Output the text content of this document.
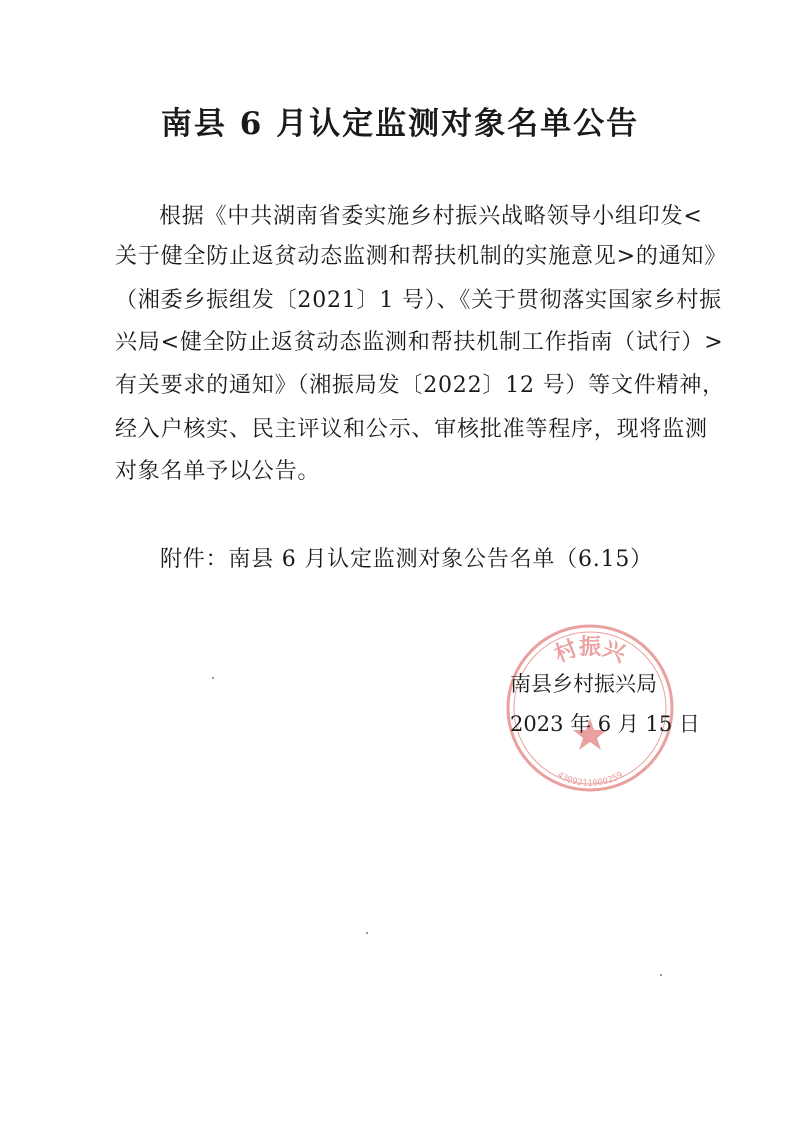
南县 6 月认定监测对象名单公告
根据《中共湖南省委实施乡村振兴战略领导小组印发<
关于健全防止返贫动态监测和帮扶机制的实施意见>的通知》
（湘委乡振组发〔2021〕1 号）、《关于贯彻落实国家乡村振
兴局<健全防止返贫动态监测和帮扶机制工作指南（试行）>
有关要求的通知》（湘振局发〔2022〕12 号）等文件精神，
经入户核实、民主评议和公示、审核批准等程序，现将监测
对象名单予以公告。
附件：南县 6 月认定监测对象公告名单（6.15）
村振兴
4309211000259
南县乡村振兴局
2023 年 6 月 15 日
